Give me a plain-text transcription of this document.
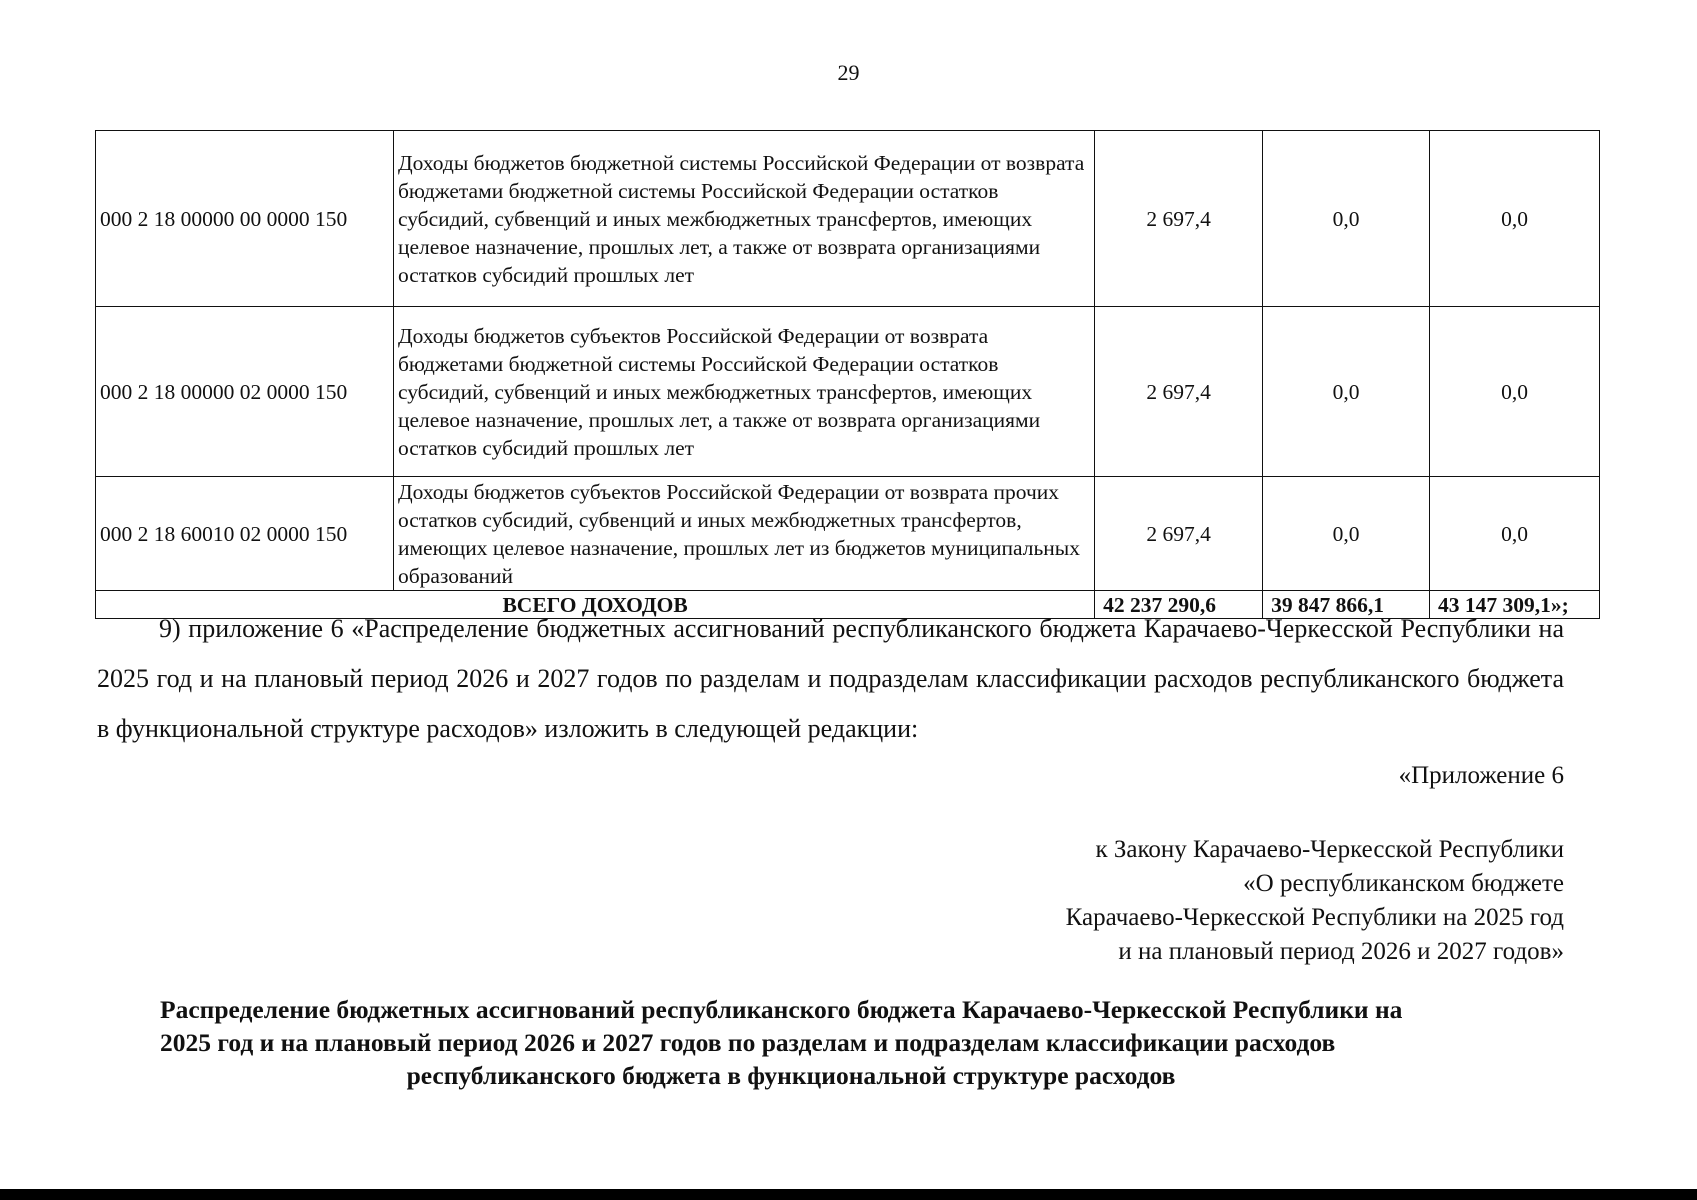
29
000 2 18 00000 00 0000 150	Доходы бюджетов бюджетной системы Российской Федерации от возврата бюджетами бюджетной системы Российской Федерации остатков субсидий, субвенций и иных межбюджетных трансфертов, имеющих целевое назначение, прошлых лет, а также от возврата организациями остатков субсидий прошлых лет	2 697,4	0,0	0,0
000 2 18 00000 02 0000 150	Доходы бюджетов субъектов Российской Федерации от возврата бюджетами бюджетной системы Российской Федерации остатков субсидий, субвенций и иных межбюджетных трансфертов, имеющих целевое назначение, прошлых лет, а также от возврата организациями остатков субсидий прошлых лет	2 697,4	0,0	0,0
000 2 18 60010 02 0000 150	Доходы бюджетов субъектов Российской Федерации от возврата прочих остатков субсидий, субвенций и иных межбюджетных трансфертов, имеющих целевое назначение, прошлых лет из бюджетов муниципальных образований	2 697,4	0,0	0,0
ВСЕГО ДОХОДОВ		42 237 290,6	39 847 866,1	43 147 309,1»;

9) приложение 6 «Распределение бюджетных ассигнований республиканского бюджета Карачаево-Черкесской Республики на 2025 год и на плановый период 2026 и 2027 годов по разделам и подразделам классификации расходов республиканского бюджета в функциональной структуре расходов» изложить в следующей редакции:

«Приложение 6
к Закону Карачаево-Черкесской Республики
«О республиканском бюджете
Карачаево-Черкесской Республики на 2025 год
и на плановый период 2026 и 2027 годов»
Распределение бюджетных ассигнований республиканского бюджета Карачаево-Черкесской Республики на
2025 год и на плановый период 2026 и 2027 годов по разделам и подразделам классификации расходов
республиканского бюджета в функциональной структуре расходов
